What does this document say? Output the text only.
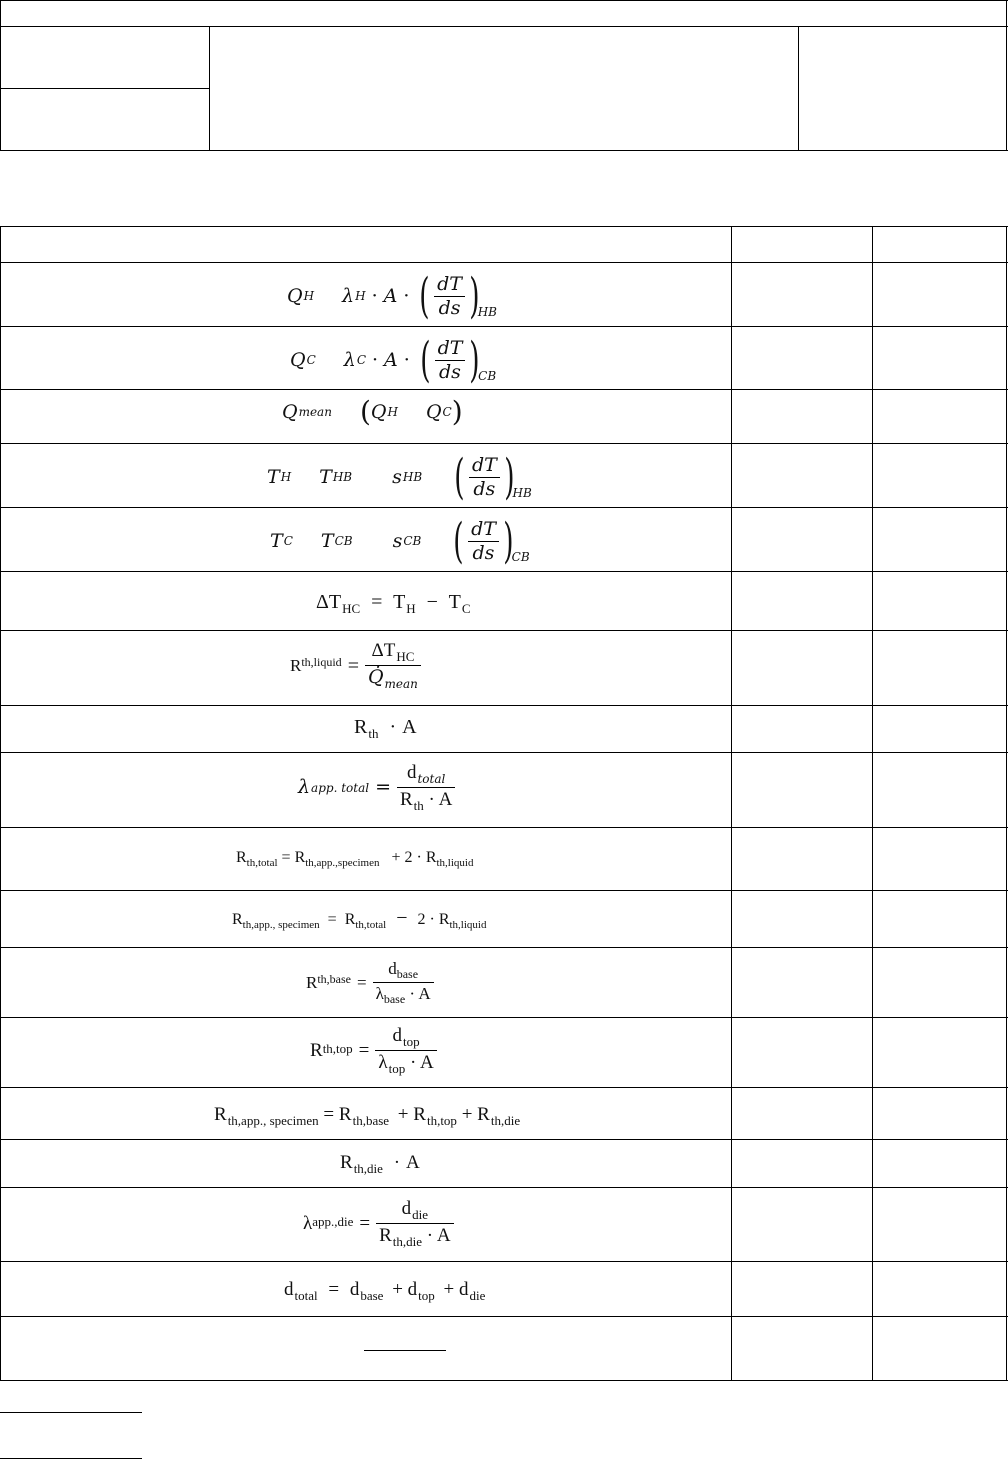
Q H λ H · A · ( $\frac{dT}{ds}$ )
HB
Q C λ C · A · ( $\frac{dT}{ds}$ )
CB
Q mean ( Q H Q C )
T H T HB s HB ( $\frac{dT}{ds}$ )
HB
T C T CB s CB ( $\frac{dT}{ds}$ )
CB
$\Delta T_{HC} = T_H - T_C$
R th,liquid = $\frac{\Delta T_{HC}}{Q̇_{mean}}$
$R_{th} \cdot A$
λ app. total = $\frac{d_{total}}{R_{th} \cdot A}$
$R_{th,total} = R_{th,app.,specimen} + 2 \cdot R_{th,liquid}$
$R_{th,app., specimen} = R_{th,total} - 2 \cdot R_{th,liquid}$
R th,base = $\frac{d_{base}}{\lambda_{base} \cdot A}$
R $th,top = \frac{d_{top}}{\lambda_{top} \cdot A}$
$R_{th,app., specimen} = R_{th,base} + R_{th,top} + R_{th,die}$
$R_{th,die} \cdot A$
λ $app.,die = \frac{d_{die}}{R_{th,die} \cdot A}$
$d_{total} = d_{base} + d_{top} + d_{die}$
